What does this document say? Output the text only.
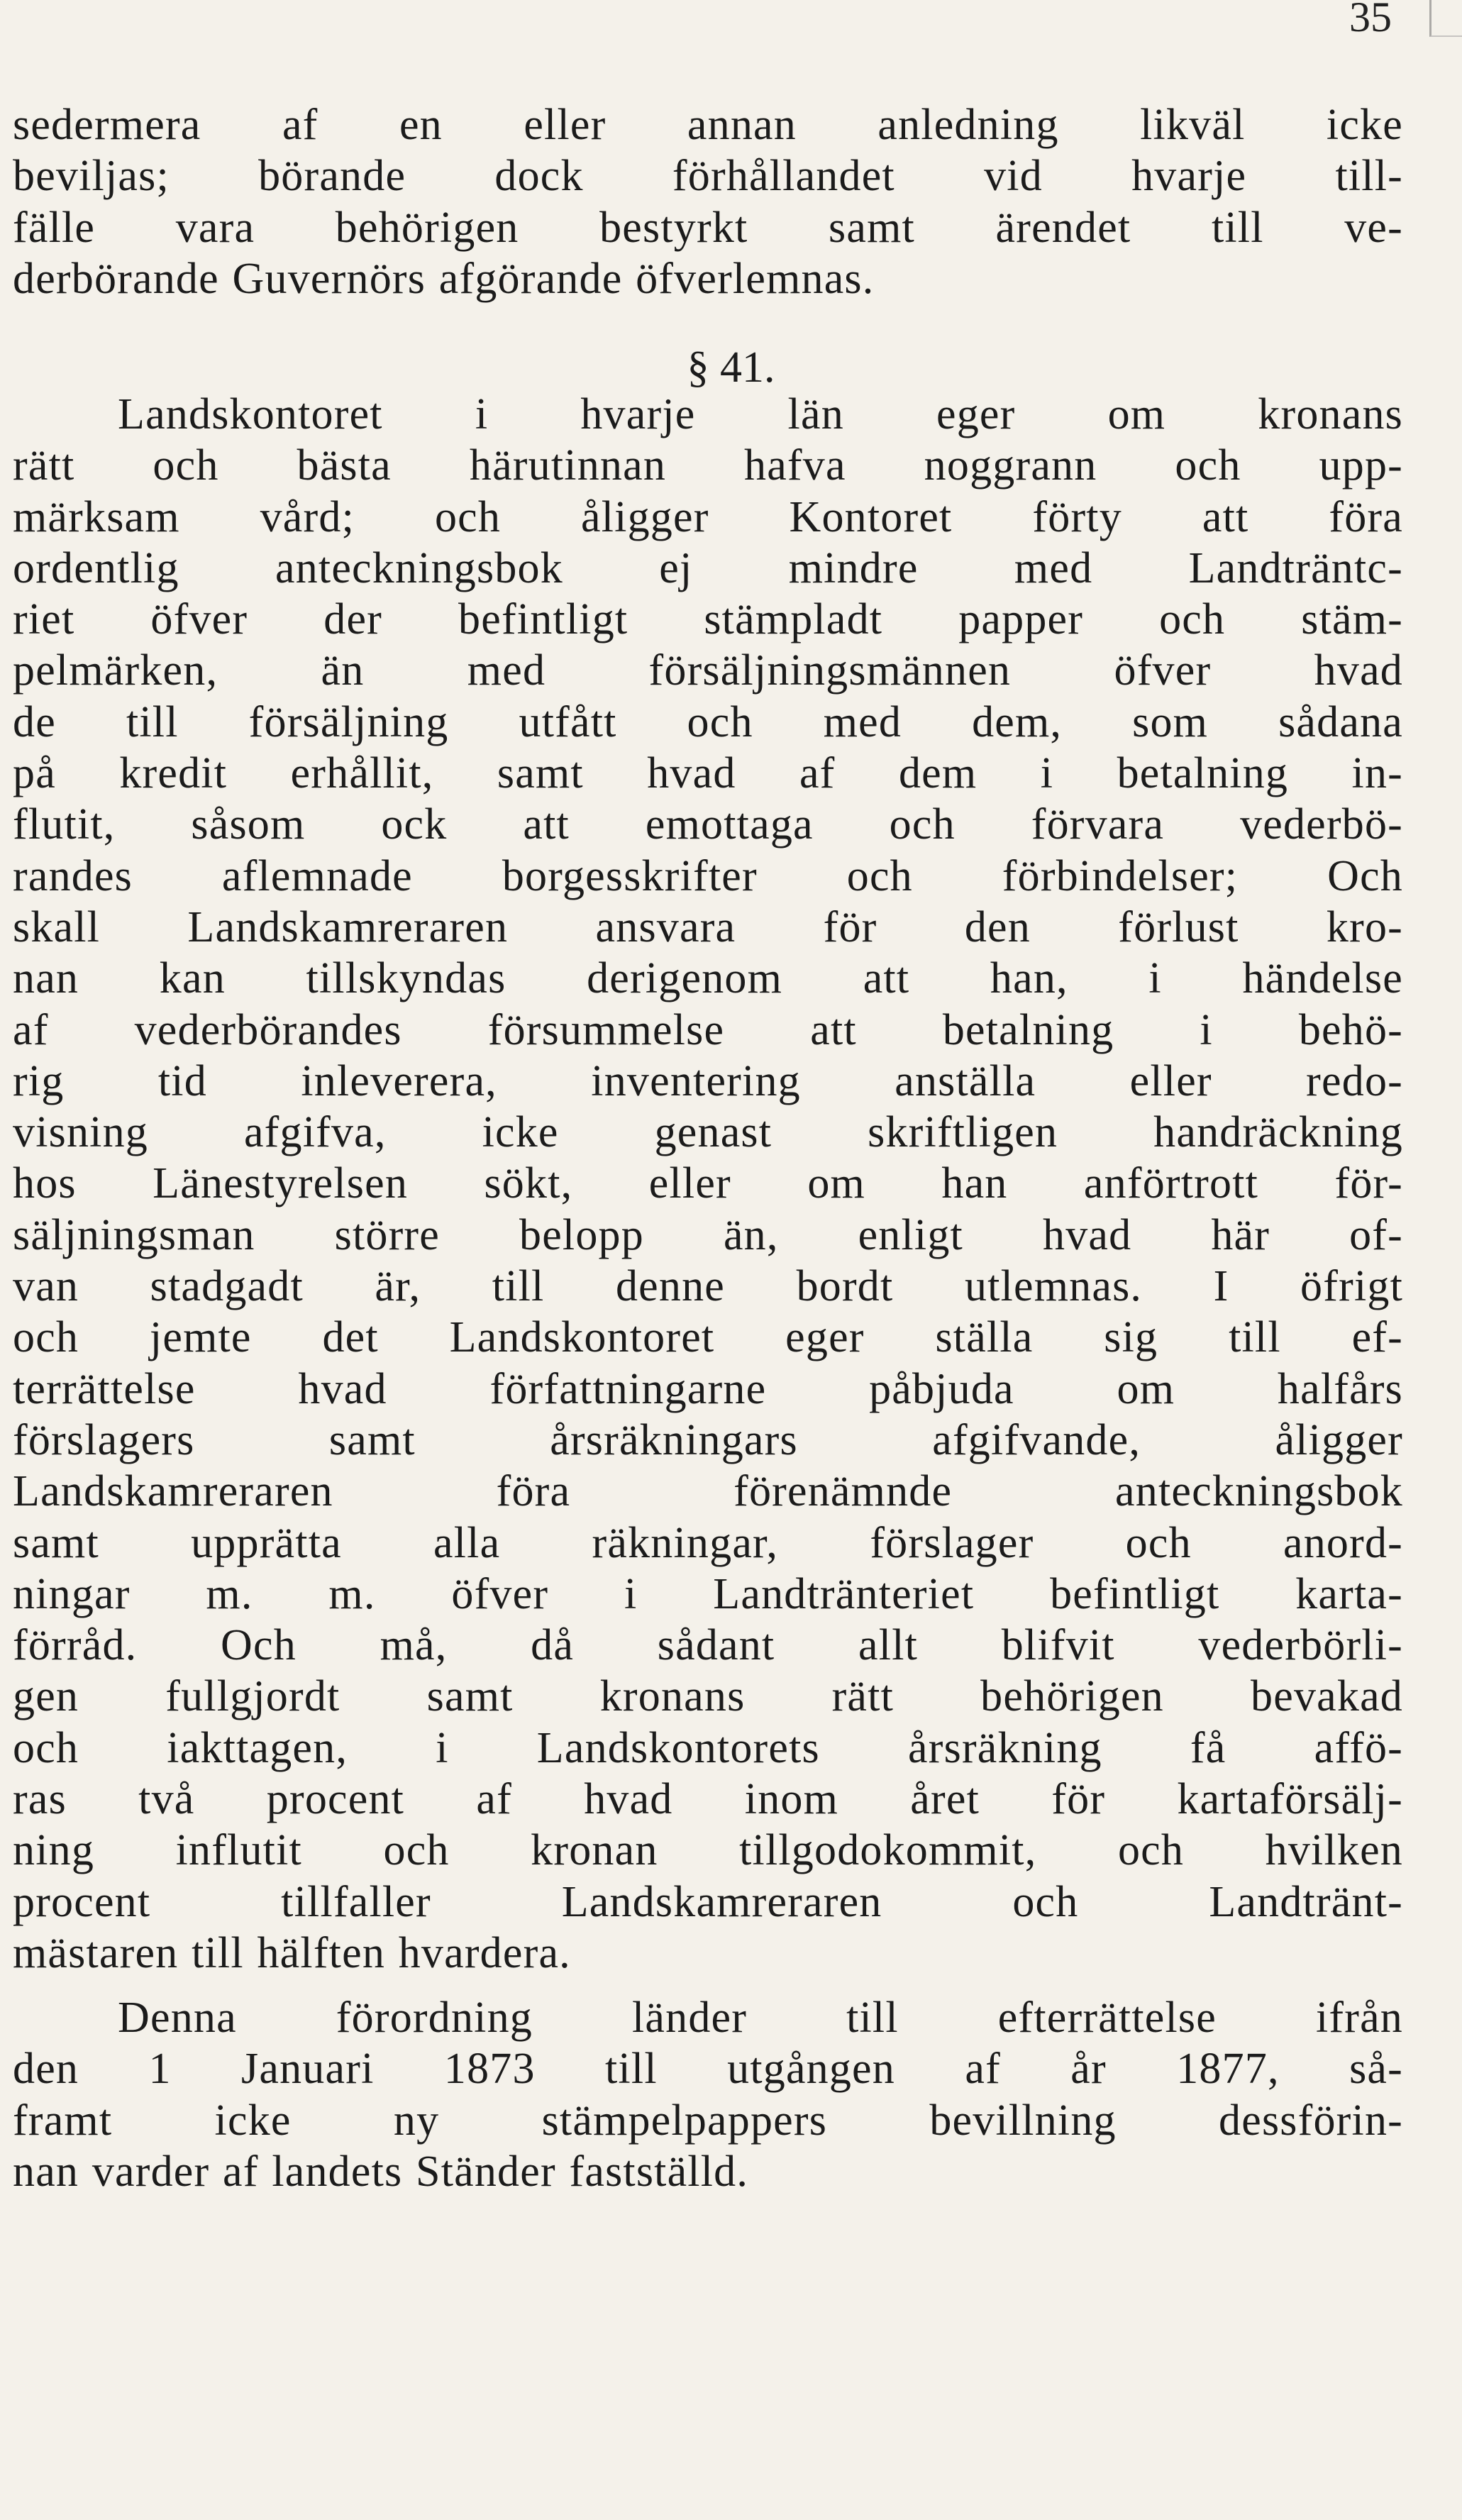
35

sedermera af en eller annan anledning likväl icke
beviljas; börande dock förhållandet vid hvarje till-
fälle vara behörigen bestyrkt samt ärendet till ve-
derbörande Guvernörs afgörande öfverlemnas.

§ 41.

Landskontoret i hvarje län eger om kronans
rätt och bästa härutinnan hafva noggrann och upp-
märksam vård; och åligger Kontoret förty att föra
ordentlig anteckningsbok ej mindre med Landträntc-
riet öfver der befintligt stämpladt papper och stäm-
pelmärken, än med försäljningsmännen öfver hvad
de till försäljning utfått och med dem, som sådana
på kredit erhållit, samt hvad af dem i betalning in-
flutit, såsom ock att emottaga och förvara vederbö-
randes aflemnade borgesskrifter och förbindelser; Och
skall Landskamreraren ansvara för den förlust kro-
nan kan tillskyndas derigenom att han, i händelse
af vederbörandes försummelse att betalning i behö-
rig tid inleverera, inventering anställa eller redo-
visning afgifva, icke genast skriftligen handräckning
hos Länestyrelsen sökt, eller om han anförtrott för-
säljningsman större belopp än, enligt hvad här of-
van stadgadt är, till denne bordt utlemnas. I öfrigt
och jemte det Landskontoret eger ställa sig till ef-
terrättelse hvad författningarne påbjuda om halfårs
förslagers samt årsräkningars afgifvande, åligger
Landskamreraren föra förenämnde anteckningsbok
samt upprätta alla räkningar, förslager och anord-
ningar m. m. öfver i Landtränteriet befintligt karta-
förråd. Och må, då sådant allt blifvit vederbörli-
gen fullgjordt samt kronans rätt behörigen bevakad
och iakttagen, i Landskontorets årsräkning få affö-
ras två procent af hvad inom året för kartaförsälj-
ning influtit och kronan tillgodokommit, och hvilken
procent tillfaller Landskamreraren och Landtränt-
mästaren till hälften hvardera.

Denna förordning länder till efterrättelse ifrån
den 1 Januari 1873 till utgången af år 1877, så-
framt icke ny stämpelpappers bevillning dessförin-
nan varder af landets Ständer fastställd.
